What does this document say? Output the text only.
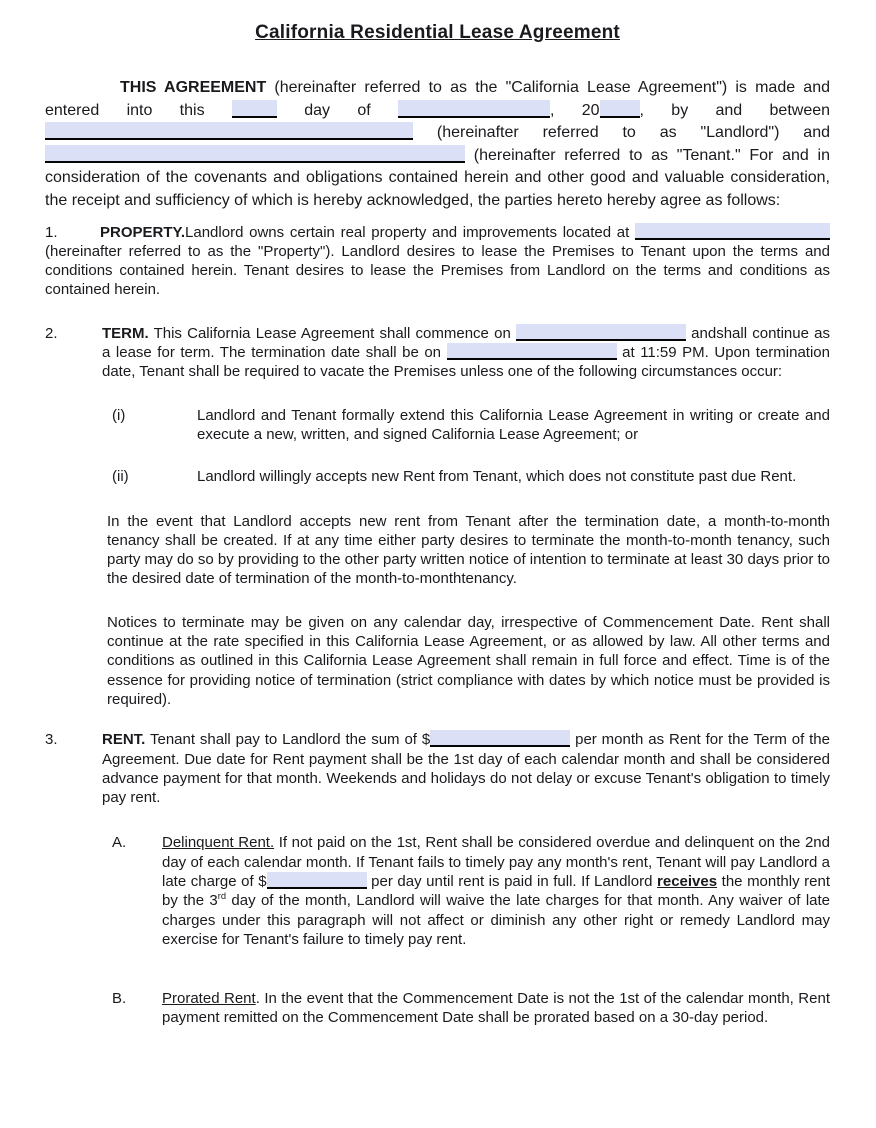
California Residential Lease Agreement

THIS AGREEMENT (hereinafter referred to as the "California Lease Agreement") is made and entered into this	day of	, 20	, by and between  (hereinafter referred to as "Landlord") and  (hereinafter referred to as "Tenant." For and in consideration of the covenants and obligations contained herein and other good and valuable consideration, the receipt and sufficiency of which is hereby acknowledged, the parties hereto hereby agree as follows:

1.	PROPERTY.Landlord owns certain real property and improvements located at  (hereinafter referred to as the "Property"). Landlord desires to lease the Premises to Tenant upon the terms and conditions contained herein. Tenant desires to lease the Premises from Landlord on the terms and conditions as contained herein.
2.	TERM. This California Lease Agreement shall commence on	andshall continue as a lease for term. The termination date shall be on	at 11:59 PM. Upon termination date, Tenant shall be required to vacate the Premises unless one of the following circumstances occur:
(i)	Landlord and Tenant formally extend this California Lease Agreement in writing or create and execute a new, written, and signed California Lease Agreement; or
(ii)	Landlord willingly accepts new Rent from Tenant, which does not constitute past due Rent.

In the event that Landlord accepts new rent from Tenant after the termination date, a month-to-month tenancy shall be created. If at any time either party desires to terminate the month-to-month tenancy, such party may do so by providing to the other party written notice of intention to terminate at least 30 days prior to the desired date of termination of the month-to-monthtenancy.

Notices to terminate may be given on any calendar day, irrespective of Commencement Date. Rent shall continue at the rate specified in this California Lease Agreement, or as allowed by law. All other terms and conditions as outlined in this California Lease Agreement shall remain in full force and effect. Time is of the essence for providing notice of termination (strict compliance with dates by which notice must be provided is required).

3.	RENT. Tenant shall pay to Landlord the sum of $	per month as Rent for the Term of the Agreement. Due date for Rent payment shall be the 1st day of each calendar month and shall be considered advance payment for that month. Weekends and holidays do not delay or excuse Tenant's obligation to timely pay rent.
A. Delinquent Rent. If not paid on the 1st, Rent shall be considered overdue and delinquent on the 2nd day of each calendar month. If Tenant fails to timely pay any month's rent, Tenant will pay Landlord a late charge of $	per day until rent is paid in full. If Landlord receives the monthly rent by the 3rd day of the month, Landlord will waive the late charges for that month. Any waiver of late charges under this paragraph will not affect or diminish any other right or remedy Landlord may exercise for Tenant's failure to timely pay rent.
B. Prorated Rent. In the event that the Commencement Date is not the 1st of the calendar month, Rent payment remitted on the Commencement Date shall be prorated based on a 30-day period.
